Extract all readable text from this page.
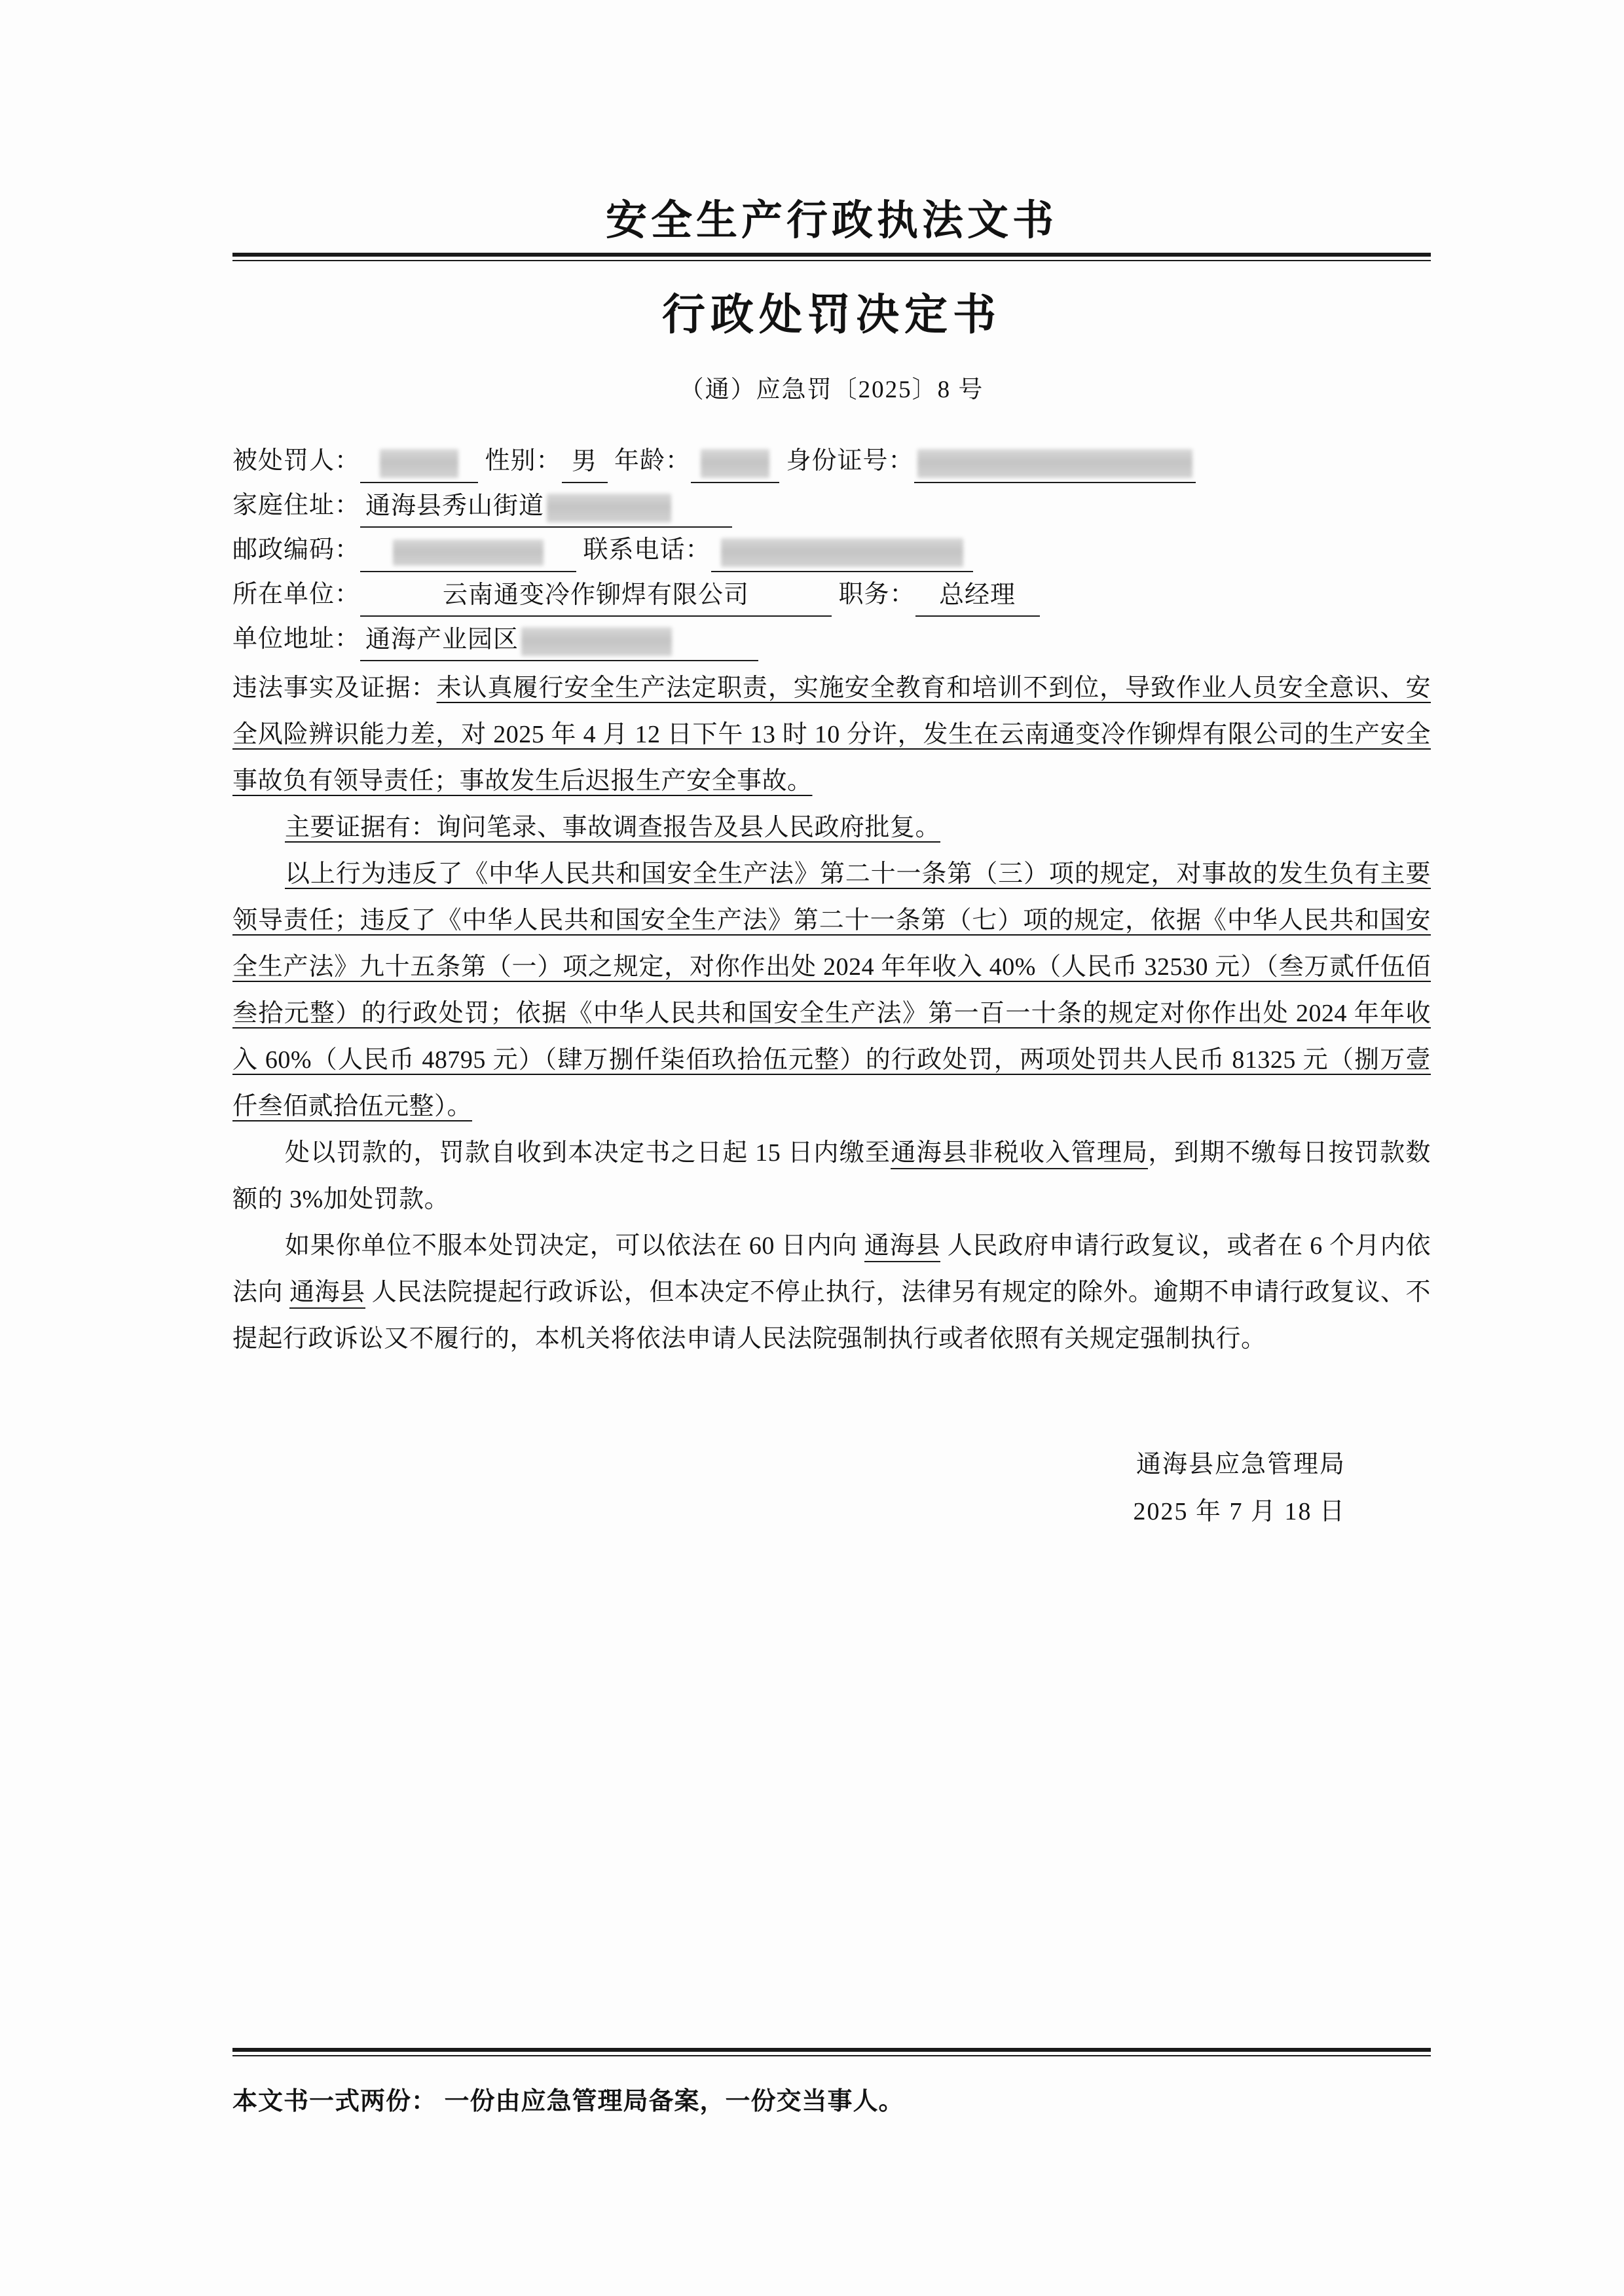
安全生产行政执法文书
行政处罚决定书
（通）应急罚〔2025〕8 号
被处罚人：	性别： 男 年龄：	身份证号：
家庭住址： 通海县秀山街道
邮政编码：	联系电话：
所在单位：	云南通变冷作铆焊有限公司	职务： 总经理
单位地址： 通海产业园区
违法事实及证据：未认真履行安全生产法定职责，实施安全教育和培训不到位，导致作业人员安全意识、安全风险辨识能力差，对 2025 年 4 月 12 日下午 13 时 10 分许，发生在云南通变冷作铆焊有限公司的生产安全事故负有领导责任；事故发生后迟报生产安全事故。
主要证据有：询问笔录、事故调查报告及县人民政府批复。
以上行为违反了《中华人民共和国安全生产法》第二十一条第（三）项的规定，对事故的发生负有主要领导责任；违反了《中华人民共和国安全生产法》第二十一条第（七）项的规定，依据《中华人民共和国安全生产法》九十五条第（一）项之规定，对你作出处 2024 年年收入 40%（人民币 32530 元）（叁万贰仟伍佰叁拾元整）的行政处罚；依据《中华人民共和国安全生产法》第一百一十条的规定对你作出处 2024 年年收入 60%（人民币 48795 元）（肆万捌仟柒佰玖拾伍元整）的行政处罚，两项处罚共人民币 81325 元（捌万壹仟叁佰贰拾伍元整）。
处以罚款的，罚款自收到本决定书之日起 15 日内缴至通海县非税收入管理局，到期不缴每日按罚款数额的 3%加处罚款。
如果你单位不服本处罚决定，可以依法在 60 日内向 通海县 人民政府申请行政复议，或者在 6 个月内依法向 通海县 人民法院提起行政诉讼，但本决定不停止执行，法律另有规定的除外。逾期不申请行政复议、不提起行政诉讼又不履行的，本机关将依法申请人民法院强制执行或者依照有关规定强制执行。
通海县应急管理局
2025 年 7 月 18 日
本文书一式两份： 一份由应急管理局备案，一份交当事人。
